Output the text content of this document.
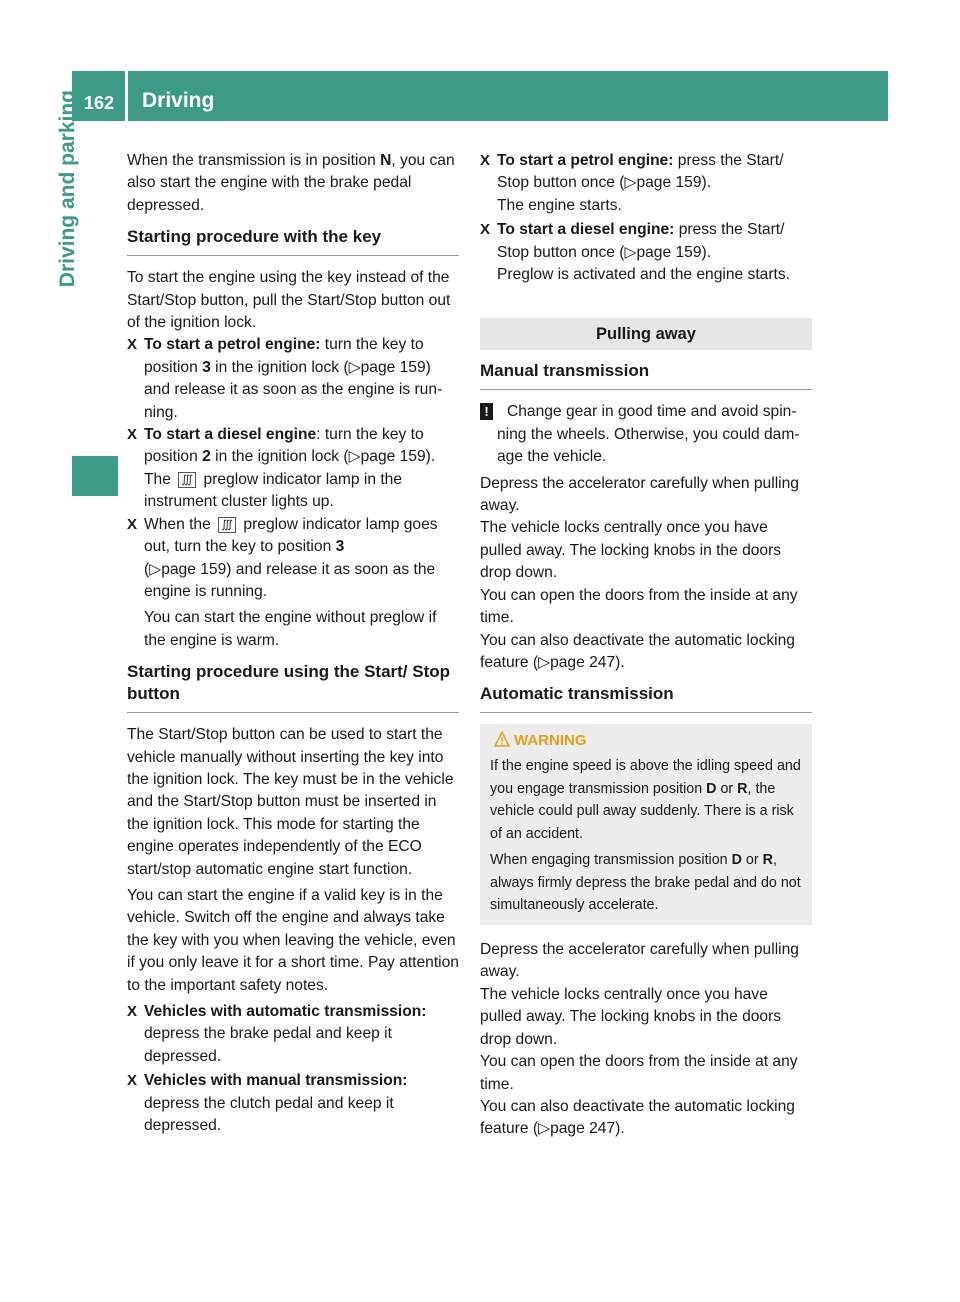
162 Driving
Driving and parking	When the transmission is in position N, you can also start the engine with the brake pedal depressed.

Starting procedure with the key

To start the engine using the key instead of the Start/Stop button, pull the Start/Stop button out of the ignition lock.

X To start a petrol engine: turn the key to position 3 in the ignition lock (▷page 159) and release it as soon as the engine is running.
X To start a diesel engine: turn the key to position 2 in the ignition lock (▷page 159).
The ∭ preglow indicator lamp in the instrument cluster lights up.
X When the ∭ preglow indicator lamp goes out, turn the key to position 3
(▷page 159) and release it as soon as the engine is running.

You can start the engine without preglow if the engine is warm.

Starting procedure using the Start/ Stop button

The Start/Stop button can be used to start the vehicle manually without inserting the key into the ignition lock. The key must be in the vehicle and the Start/Stop button must be inserted in the ignition lock. This mode for starting the engine operates independently of the ECO start/stop automatic engine start function.

You can start the engine if a valid key is in the vehicle. Switch off the engine and always take the key with you when leaving the vehicle, even if you only leave it for a short time. Pay attention to the important safety notes.

X Vehicles with automatic transmission:
depress the brake pedal and keep it depressed.
X Vehicles with manual transmission:
depress the clutch pedal and keep it depressed.
X To start a petrol engine: press the Start/ Stop button once (▷page 159).
The engine starts.
X To start a diesel engine: press the Start/ Stop button once (▷page 159).
Preglow is activated and the engine starts.
Pulling away

Manual transmission

! Change gear in good time and avoid spinning the wheels. Otherwise, you could damage the vehicle.

Depress the accelerator carefully when pulling away.

The vehicle locks centrally once you have pulled away. The locking knobs in the doors drop down.

You can open the doors from the inside at any time.

You can also deactivate the automatic locking feature (▷page 247).

Automatic transmission

WARNING

If the engine speed is above the idling speed and you engage transmission position D or R, the vehicle could pull away suddenly. There is a risk of an accident.

When engaging transmission position D or R, always firmly depress the brake pedal and do not simultaneously accelerate.

Depress the accelerator carefully when pulling away.

The vehicle locks centrally once you have pulled away. The locking knobs in the doors drop down.

You can open the doors from the inside at any time.

You can also deactivate the automatic locking feature (▷page 247).
